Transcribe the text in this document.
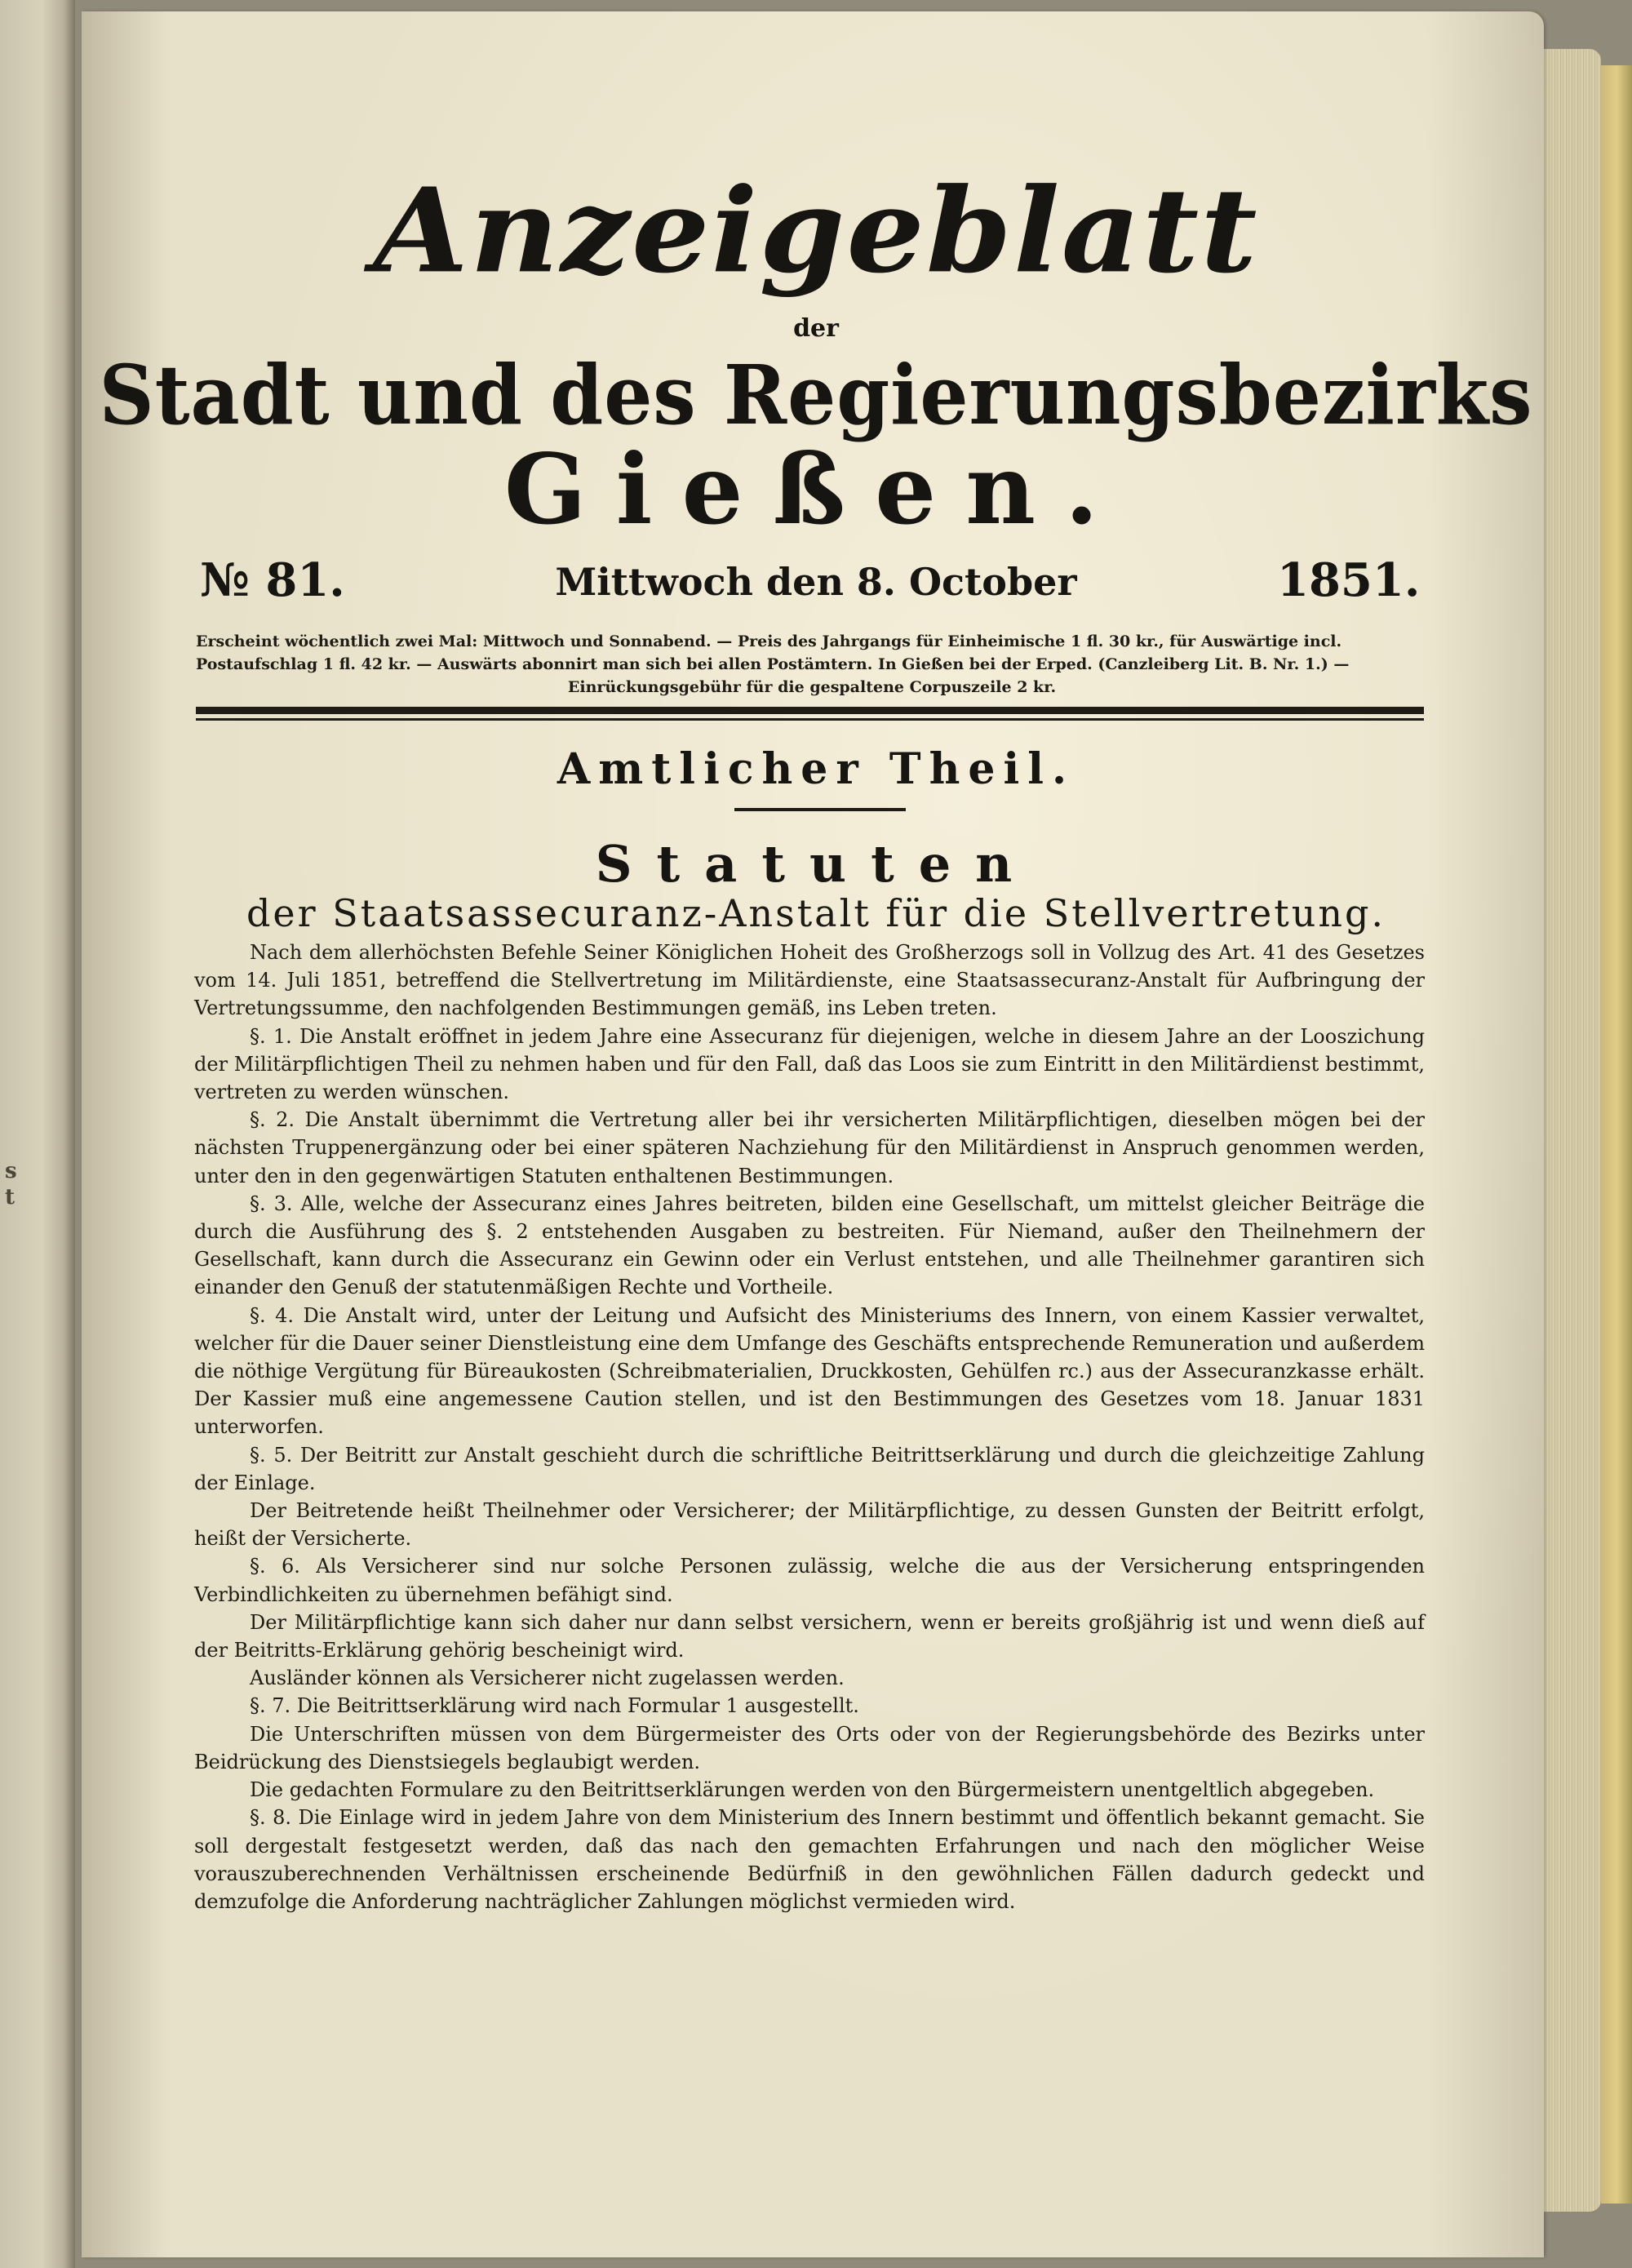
s
t
Anzeigeblatt
der
Stadt und des Regierungsbezirks
Gießen.
№ 81.	Mittwoch den 8. October	1851.
Erscheint wöchentlich zwei Mal: Mittwoch und Sonnabend. — Preis des Jahrgangs für Einheimische 1 fl. 30 kr., für Auswärtige incl.
Postaufschlag 1 fl. 42 kr. — Auswärts abonnirt man sich bei allen Postämtern. In Gießen bei der Erped. (Canzleiberg Lit. B. Nr. 1.) —
Einrückungsgebühr für die gespaltene Corpuszeile 2 kr.
Amtlicher Theil.
Statuten
der Staatsassecuranz-Anstalt für die Stellvertretung.

Nach dem allerhöchsten Befehle Seiner Königlichen Hoheit des Großherzogs soll in Vollzug des Art. 41 des Gesetzes vom 14. Juli 1851, betreffend die Stellvertretung im Militärdienste, eine Staatsassecuranz-Anstalt für Aufbringung der Vertretungssumme, den nachfolgenden Bestimmungen gemäß, ins Leben treten.

§. 1. Die Anstalt eröffnet in jedem Jahre eine Assecuranz für diejenigen, welche in diesem Jahre an der Looszichung der Militärpflichtigen Theil zu nehmen haben und für den Fall, daß das Loos sie zum Eintritt in den Militärdienst bestimmt, vertreten zu werden wünschen.

§. 2. Die Anstalt übernimmt die Vertretung aller bei ihr versicherten Militärpflichtigen, dieselben mögen bei der nächsten Truppenergänzung oder bei einer späteren Nachziehung für den Militärdienst in Anspruch genommen werden, unter den in den gegenwärtigen Statuten enthaltenen Bestimmungen.

§. 3. Alle, welche der Assecuranz eines Jahres beitreten, bilden eine Gesellschaft, um mittelst gleicher Beiträge die durch die Ausführung des §. 2 entstehenden Ausgaben zu bestreiten. Für Niemand, außer den Theilnehmern der Gesellschaft, kann durch die Assecuranz ein Gewinn oder ein Verlust entstehen, und alle Theilnehmer garantiren sich einander den Genuß der statutenmäßigen Rechte und Vortheile.

§. 4. Die Anstalt wird, unter der Leitung und Aufsicht des Ministeriums des Innern, von einem Kassier verwaltet, welcher für die Dauer seiner Dienstleistung eine dem Umfange des Geschäfts entsprechende Remuneration und außerdem die nöthige Vergütung für Büreaukosten (Schreibmaterialien, Druckkosten, Gehülfen rc.) aus der Assecuranzkasse erhält. Der Kassier muß eine angemessene Caution stellen, und ist den Bestimmungen des Gesetzes vom 18. Januar 1831 unterworfen.

§. 5. Der Beitritt zur Anstalt geschieht durch die schriftliche Beitrittserklärung und durch die gleichzeitige Zahlung der Einlage.

Der Beitretende heißt Theilnehmer oder Versicherer; der Militärpflichtige, zu dessen Gunsten der Beitritt erfolgt, heißt der Versicherte.

§. 6. Als Versicherer sind nur solche Personen zulässig, welche die aus der Versicherung entspringenden Verbindlichkeiten zu übernehmen befähigt sind.

Der Militärpflichtige kann sich daher nur dann selbst versichern, wenn er bereits großjährig ist und wenn dieß auf der Beitritts-Erklärung gehörig bescheinigt wird.

Ausländer können als Versicherer nicht zugelassen werden.

§. 7. Die Beitrittserklärung wird nach Formular 1 ausgestellt.

Die Unterschriften müssen von dem Bürgermeister des Orts oder von der Regierungsbehörde des Bezirks unter Beidrückung des Dienstsiegels beglaubigt werden.

Die gedachten Formulare zu den Beitrittserklärungen werden von den Bürgermeistern unentgeltlich abgegeben.

§. 8. Die Einlage wird in jedem Jahre von dem Ministerium des Innern bestimmt und öffentlich bekannt gemacht. Sie soll dergestalt festgesetzt werden, daß das nach den gemachten Erfahrungen und nach den möglicher Weise vorauszuberechnenden Verhältnissen erscheinende Bedürfniß in den gewöhnlichen Fällen dadurch gedeckt und demzufolge die Anforderung nachträglicher Zahlungen möglichst vermieden wird.
